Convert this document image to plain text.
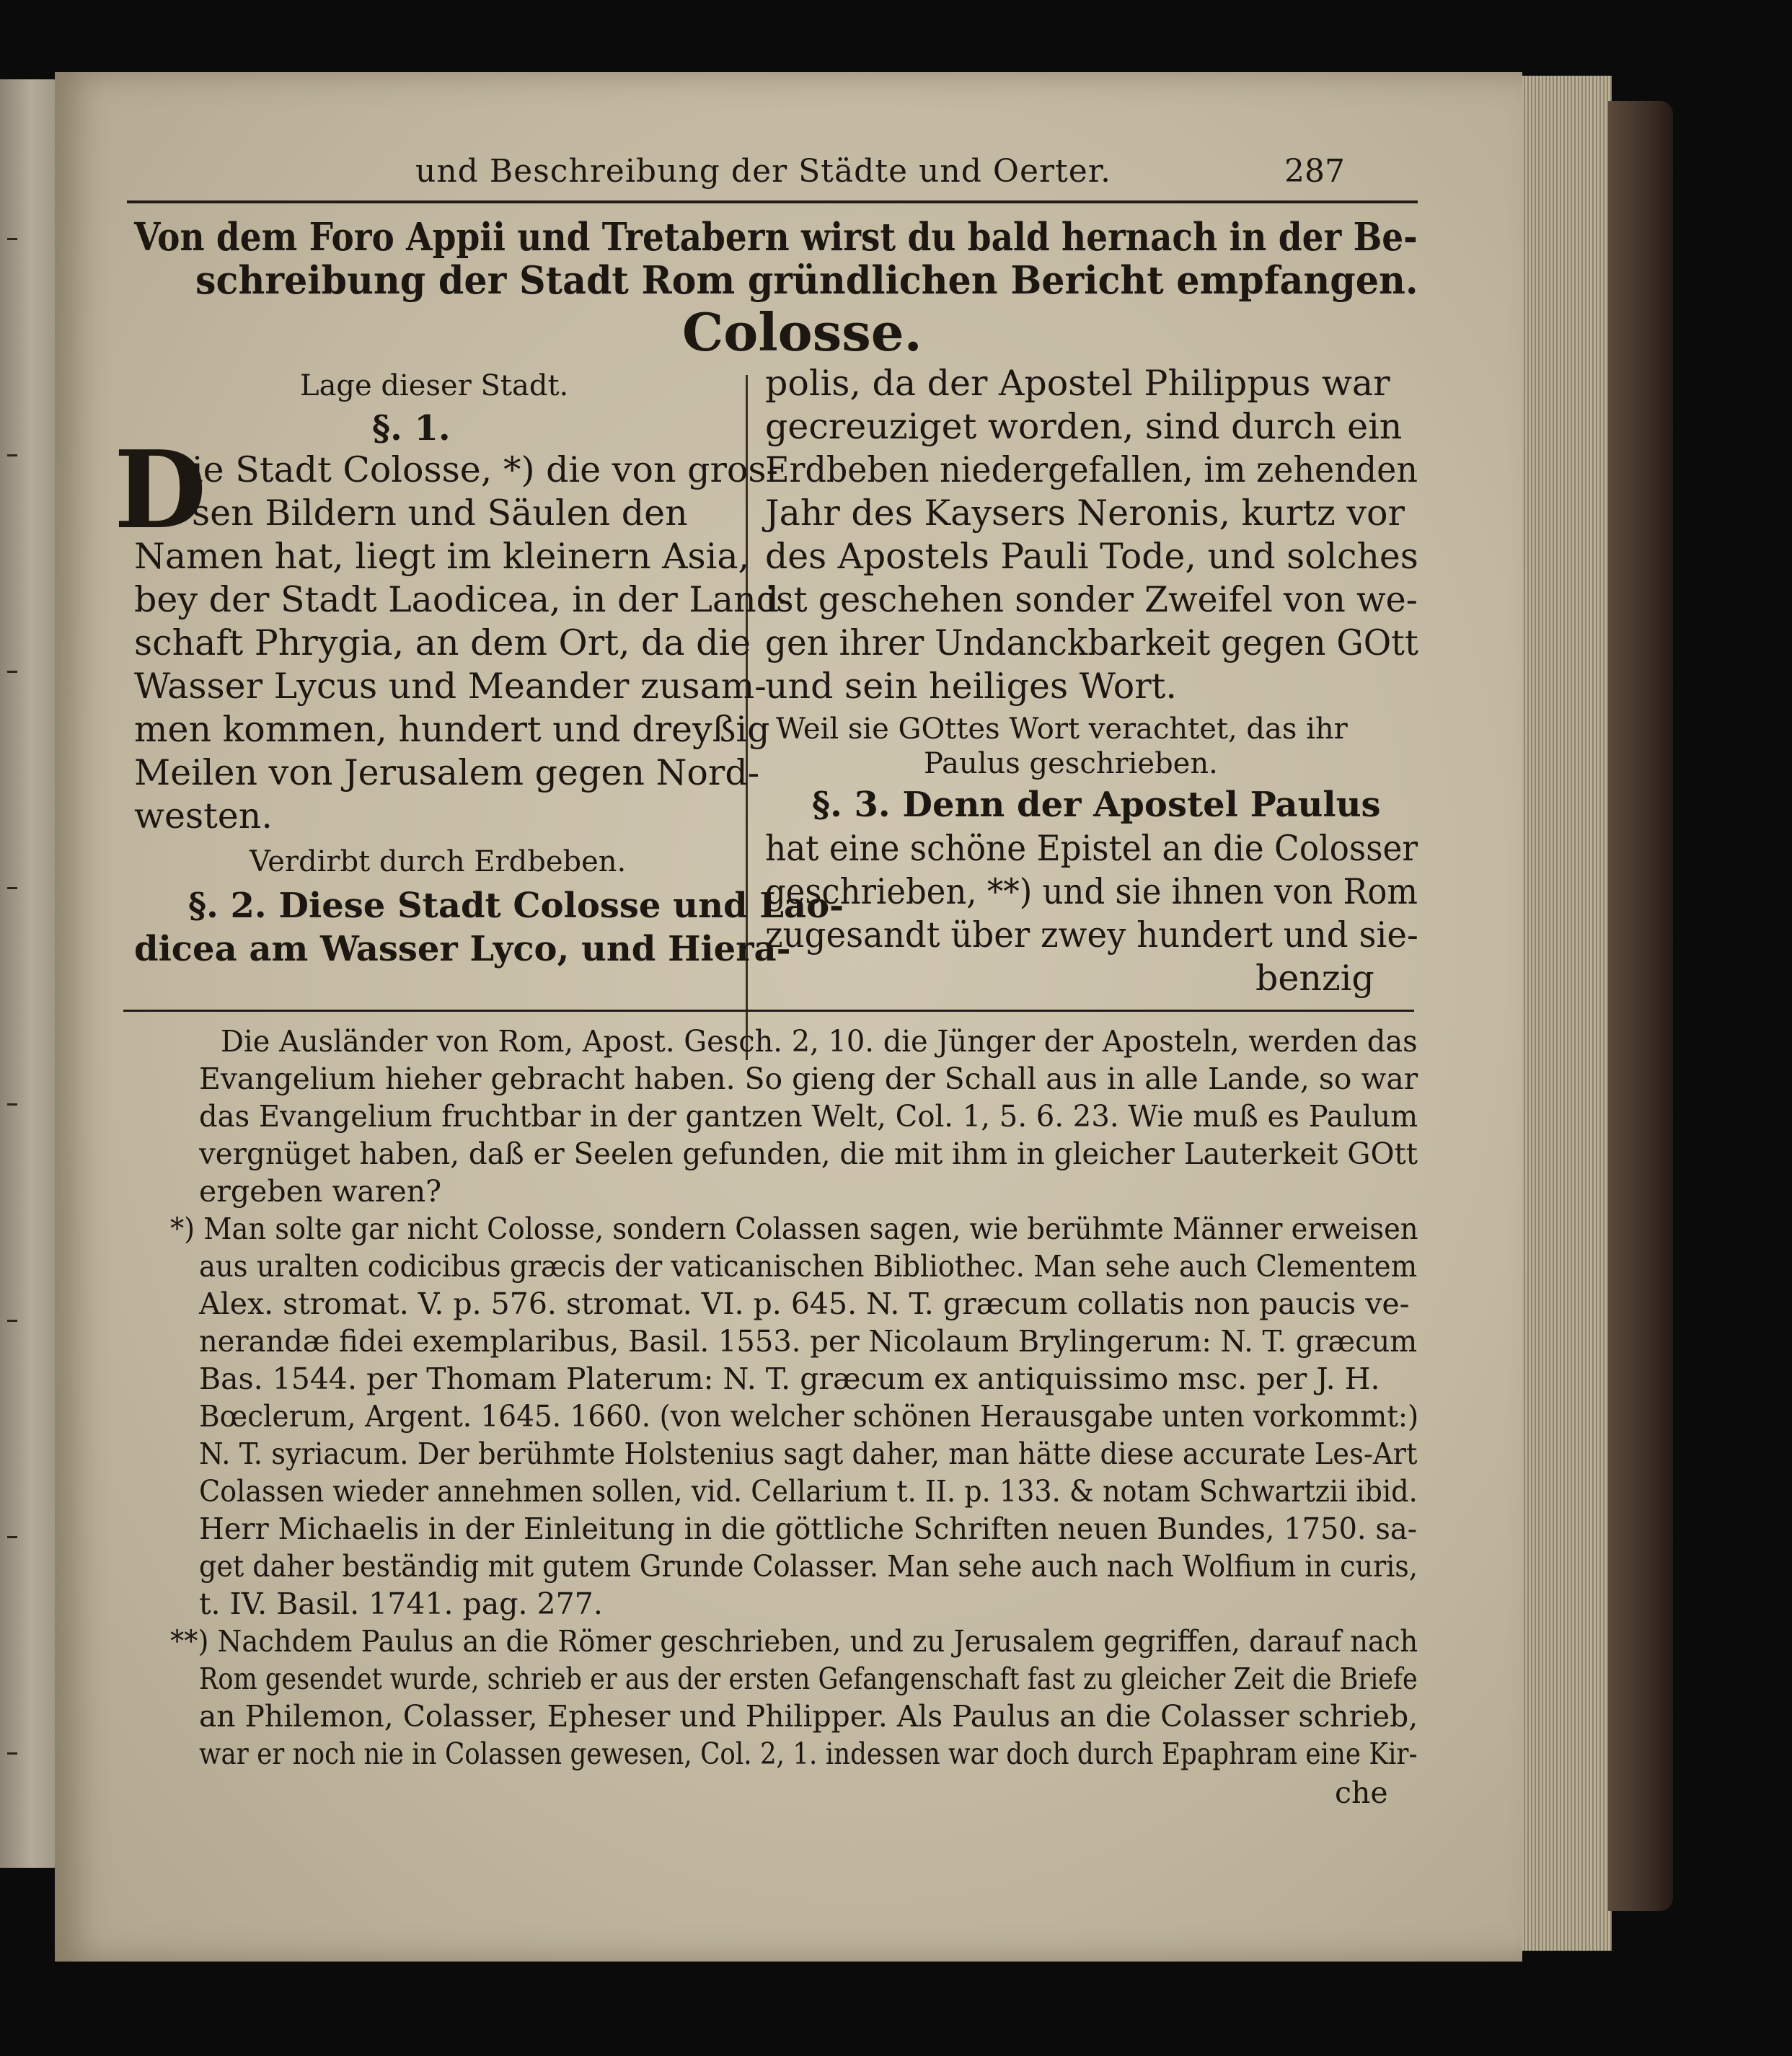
und Beschreibung der Städte und Oerter.	287
Von dem Foro Appii und Tretabern wirst du bald hernach in der Be-
schreibung der Stadt Rom gründlichen Bericht empfangen.
Colosse.
Lage dieser Stadt.
§. 1.
D
ie Stadt Colosse, *) die von gros-
sen Bildern und Säulen den
Namen hat, liegt im kleinern Asia,
bey der Stadt Laodicea, in der Land-
schaft Phrygia, an dem Ort, da die
Wasser Lycus und Meander zusam-
men kommen, hundert und dreyßig
Meilen von Jerusalem gegen Nord-
westen.
Verdirbt durch Erdbeben.
§. 2. Diese Stadt Colosse und Lao-
dicea am Wasser Lyco, und Hiera-
polis, da der Apostel Philippus war
gecreuziget worden, sind durch ein
Erdbeben niedergefallen, im zehenden
Jahr des Kaysers Neronis, kurtz vor
des Apostels Pauli Tode, und solches
ist geschehen sonder Zweifel von we-
gen ihrer Undanckbarkeit gegen GOtt
und sein heiliges Wort.
Weil sie GOttes Wort verachtet, das ihr
Paulus geschrieben.
§. 3. Denn der Apostel Paulus
hat eine schöne Epistel an die Colosser
geschrieben, **) und sie ihnen von Rom
zugesandt über zwey hundert und sie-
benzig
Die Ausländer von Rom, Apost. Gesch. 2, 10. die Jünger der Aposteln, werden das
Evangelium hieher gebracht haben. So gieng der Schall aus in alle Lande, so war
das Evangelium fruchtbar in der gantzen Welt, Col. 1, 5. 6. 23. Wie muß es Paulum
vergnüget haben, daß er Seelen gefunden, die mit ihm in gleicher Lauterkeit GOtt
ergeben waren?
*) Man solte gar nicht Colosse, sondern Colassen sagen, wie berühmte Männer erweisen
aus uralten codicibus græcis der vaticanischen Bibliothec. Man sehe auch Clementem
Alex. stromat. V. p. 576. stromat. VI. p. 645. N. T. græcum collatis non paucis ve-
nerandæ fidei exemplaribus, Basil. 1553. per Nicolaum Brylingerum: N. T. græcum
Bas. 1544. per Thomam Platerum: N. T. græcum ex antiquissimo msc. per J. H.
Bœclerum, Argent. 1645. 1660. (von welcher schönen Herausgabe unten vorkommt:)
N. T. syriacum. Der berühmte Holstenius sagt daher, man hätte diese accurate Les-Art
Colassen wieder annehmen sollen, vid. Cellarium t. II. p. 133. & notam Schwartzii ibid.
Herr Michaelis in der Einleitung in die göttliche Schriften neuen Bundes, 1750. sa-
get daher beständig mit gutem Grunde Colasser. Man sehe auch nach Wolfium in curis,
t. IV. Basil. 1741. pag. 277.
**) Nachdem Paulus an die Römer geschrieben, und zu Jerusalem gegriffen, darauf nach
Rom gesendet wurde, schrieb er aus der ersten Gefangenschaft fast zu gleicher Zeit die Briefe
an Philemon, Colasser, Epheser und Philipper. Als Paulus an die Colasser schrieb,
war er noch nie in Colassen gewesen, Col. 2, 1. indessen war doch durch Epaphram eine Kir-
che
